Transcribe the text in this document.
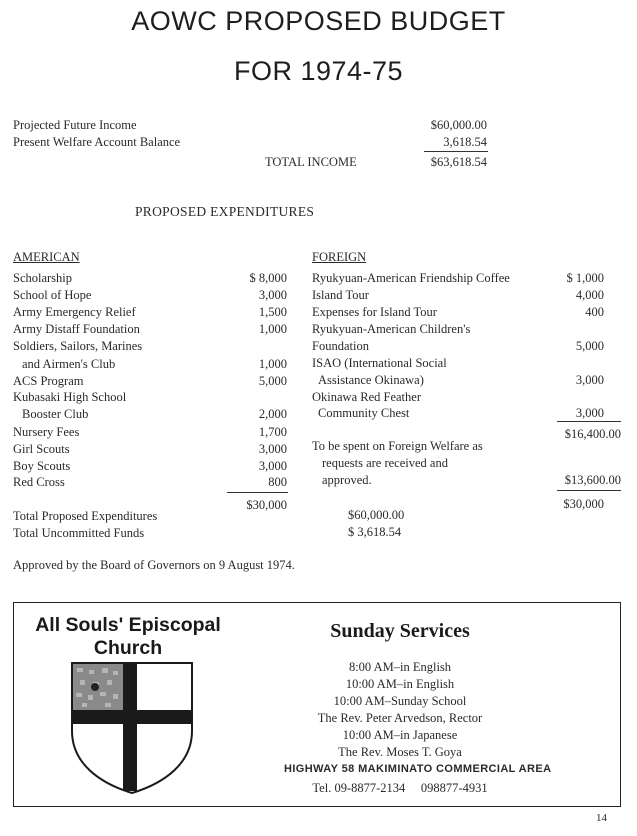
AOWC PROPOSED BUDGET
FOR 1974-75
Projected Future Income	$60,000.00
Present Welfare Account Balance	3,618.54
TOTAL INCOME	$63,618.54
PROPOSED EXPENDITURES
AMERICAN
Scholarship	$ 8,000
School of Hope	3,000
Army Emergency Relief	1,500
Army Distaff Foundation	1,000
Soldiers, Sailors, Marines
and Airmen's Club	1,000
ACS Program	5,000
Kubasaki High School
Booster Club	2,000
Nursery Fees	1,700
Girl Scouts	3,000
Boy Scouts	3,000
Red Cross	800
$30,000
FOREIGN
Ryukyuan-American Friendship Coffee	$ 1,000
Island Tour	4,000
Expenses for Island Tour	400
Ryukyuan-American Children's
Foundation	5,000
ISAO (International Social
Assistance Okinawa)	3,000
Okinawa Red Feather
Community Chest	3,000
$16,400.00
To be spent on Foreign Welfare as
requests are received and
approved.	$13,600.00
$30,000
Total Proposed Expenditures	$60,000.00
Total Uncommitted Funds	$ 3,618.54
Approved by the Board of Governors on 9 August 1974.
All Souls' Episcopal
Church
Sunday Services
8:00 AM–in English
10:00 AM–in English
10:00 AM–Sunday School
The Rev. Peter Arvedson, Rector
10:00 AM–in Japanese
The Rev. Moses T. Goya
HIGHWAY 58 MAKIMINATO COMMERCIAL AREA
Tel. 09-8877-2134     098877-4931
14
